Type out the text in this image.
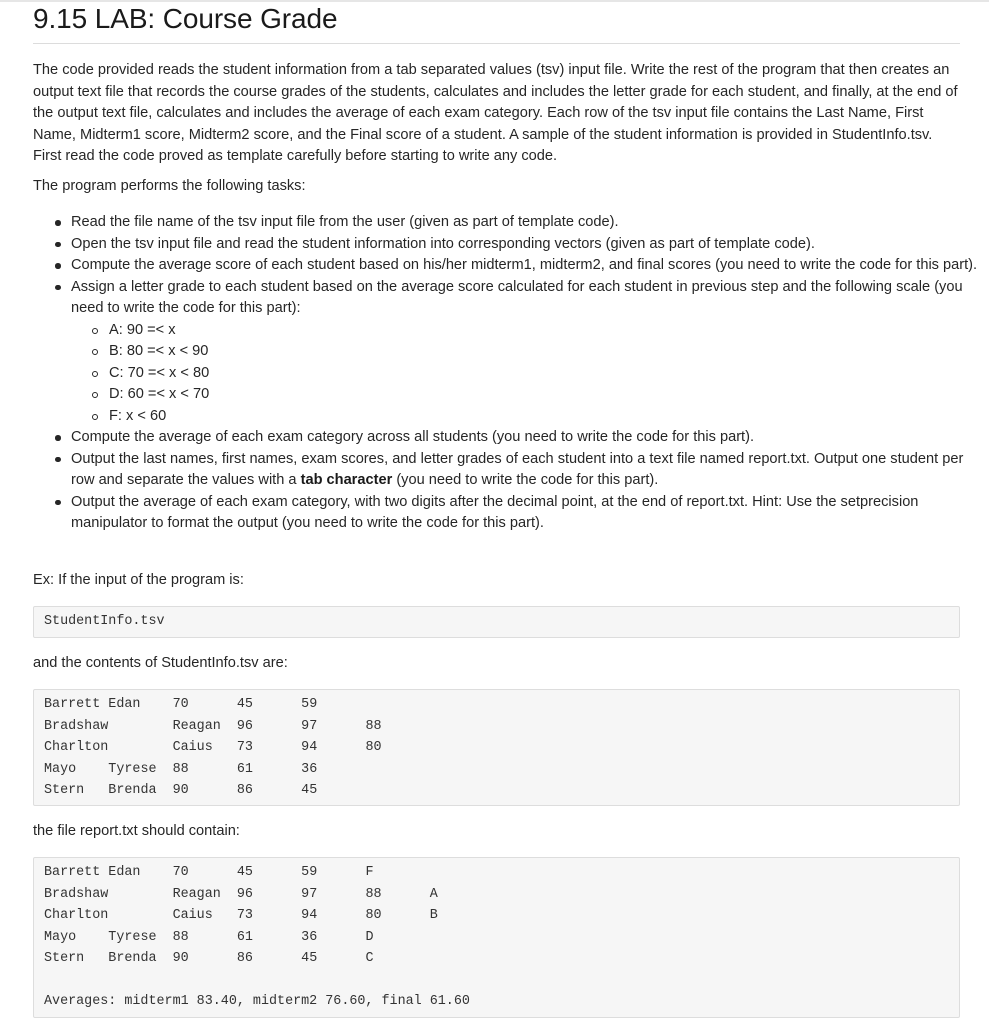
9.15 LAB: Course Grade

The code provided reads the student information from a tab separated values (tsv) input file. Write the rest of the program that then creates an output text file that records the course grades of the students, calculates and includes the letter grade for each student, and finally, at the end of the output text file, calculates and includes the average of each exam category. Each row of the tsv input file contains the Last Name, First Name, Midterm1 score, Midterm2 score, and the Final score of a student. A sample of the student information is provided in StudentInfo.tsv. First read the code proved as template carefully before starting to write any code.

The program performs the following tasks:

Read the file name of the tsv input file from the user (given as part of template code).
Open the tsv input file and read the student information into corresponding vectors (given as part of template code).
Compute the average score of each student based on his/her midterm1, midterm2, and final scores (you need to write the code for this part).
Assign a letter grade to each student based on the average score calculated for each student in previous step and the following scale (you need to write the code for this part):
A: 90 =< x
B: 80 =< x < 90
C: 70 =< x < 80
D: 60 =< x < 70
F: x < 60
Compute the average of each exam category across all students (you need to write the code for this part).
Output the last names, first names, exam scores, and letter grades of each student into a text file named report.txt. Output one student per row and separate the values with a tab character (you need to write the code for this part).
Output the average of each exam category, with two digits after the decimal point, at the end of report.txt. Hint: Use the setprecision manipulator to format the output (you need to write the code for this part).

Ex: If the input of the program is:

StudentInfo.tsv

and the contents of StudentInfo.tsv are:

Barrett	Edan	70	45	59
Bradshaw	Reagan	96	97	88
Charlton	Caius	73	94	80
Mayo	Tyrese	88	61	36
Stern	Brenda	90	86	45

the file report.txt should contain:

Barrett	Edan	70	45	59	F
Bradshaw	Reagan	96	97	88	A
Charlton	Caius	73	94	80	B
Mayo	Tyrese	88	61	36	D
Stern	Brenda	90	86	45	C
Averages: midterm1 83.40, midterm2 76.60, final 61.60
